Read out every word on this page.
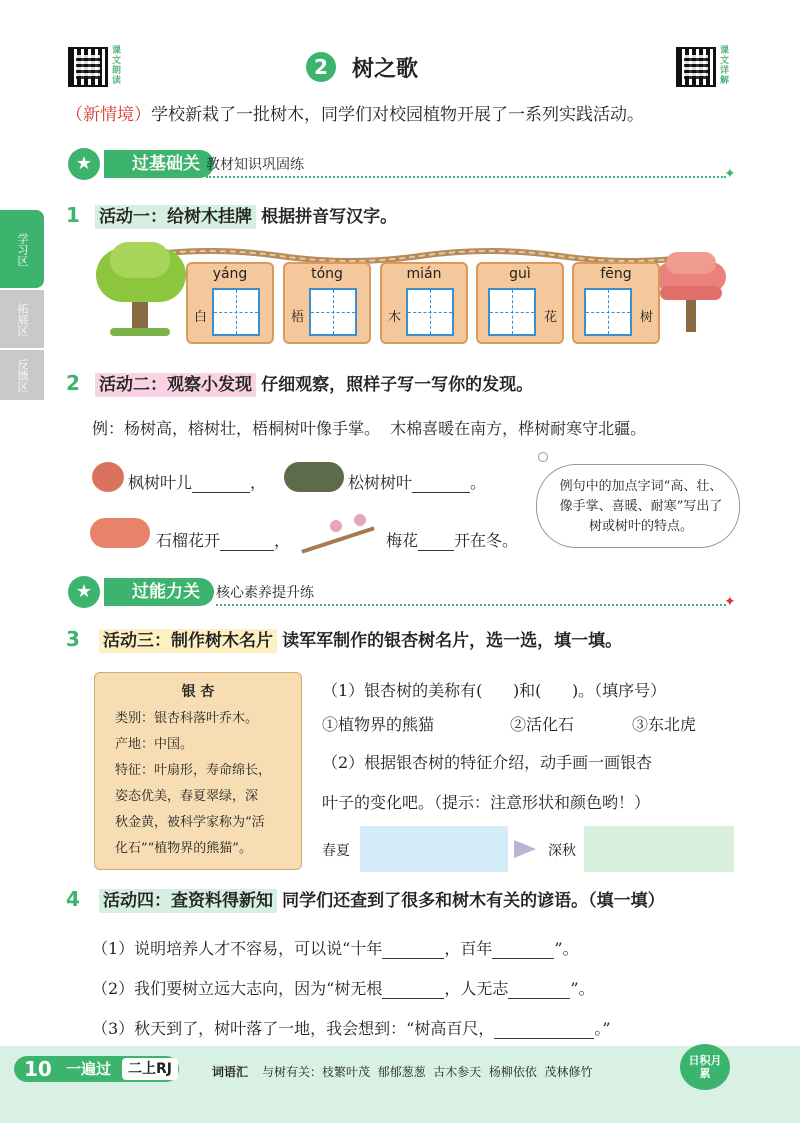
课文朗读
2	树之歌
课文详解
（新情境）学校新栽了一批树木，同学们对校园植物开展了一系列实践活动。
学习区
拓展区
反馈区
★	过基础关 教材知识巩固练
✦
1 活动一：给树木挂牌 根据拼音写汉字。
yáng
白
tóng
梧
mián
木
guì
花
fēng
树
2 活动二：观察小发现 仔细观察，照样子写一写你的发现。
例：杨树高，榕树壮，梧桐树叶像手掌。  木棉喜暖在南方，桦树耐寒守北疆。
枫树叶儿	，	松树树叶	。
石榴花开	，	梅花 开在冬。
例句中的加点字词“高、壮、像手掌、喜暖、耐寒”写出了树或树叶的特点。
★	过能力关	核心素养提升练
✦
3 活动三：制作树木名片 读军军制作的银杏树名片，选一选，填一填。
银 杏
类别：银杏科落叶乔木。
产地：中国。
特征：叶扇形，寿命绵长，
姿态优美，春夏翠绿，深
秋金黄，被科学家称为“活
化石”“植物界的熊猫”。
（1）银杏树的美称有(      )和(      )。（填序号）
①植物界的熊猫	②活化石	③东北虎
（2）根据银杏树的特征介绍，动手画一画银杏
叶子的变化吧。（提示：注意形状和颜色哟！）
春夏	深秋
4 活动四：查资料得新知 同学们还查到了很多和树木有关的谚语。（填一填）
（1）说明培养人才不容易，可以说“十年	，百年	”。
（2）我们要树立远大志向，因为“树无根	，人无志	”。
（3）秋天到了，树叶落了一地，我会想到：“树高百尺，	。”
10 一遍过	二上RJ	词语汇 与树有关：枝繁叶茂  郁郁葱葱  古木参天  杨柳依依  茂林修竹
日积月累
